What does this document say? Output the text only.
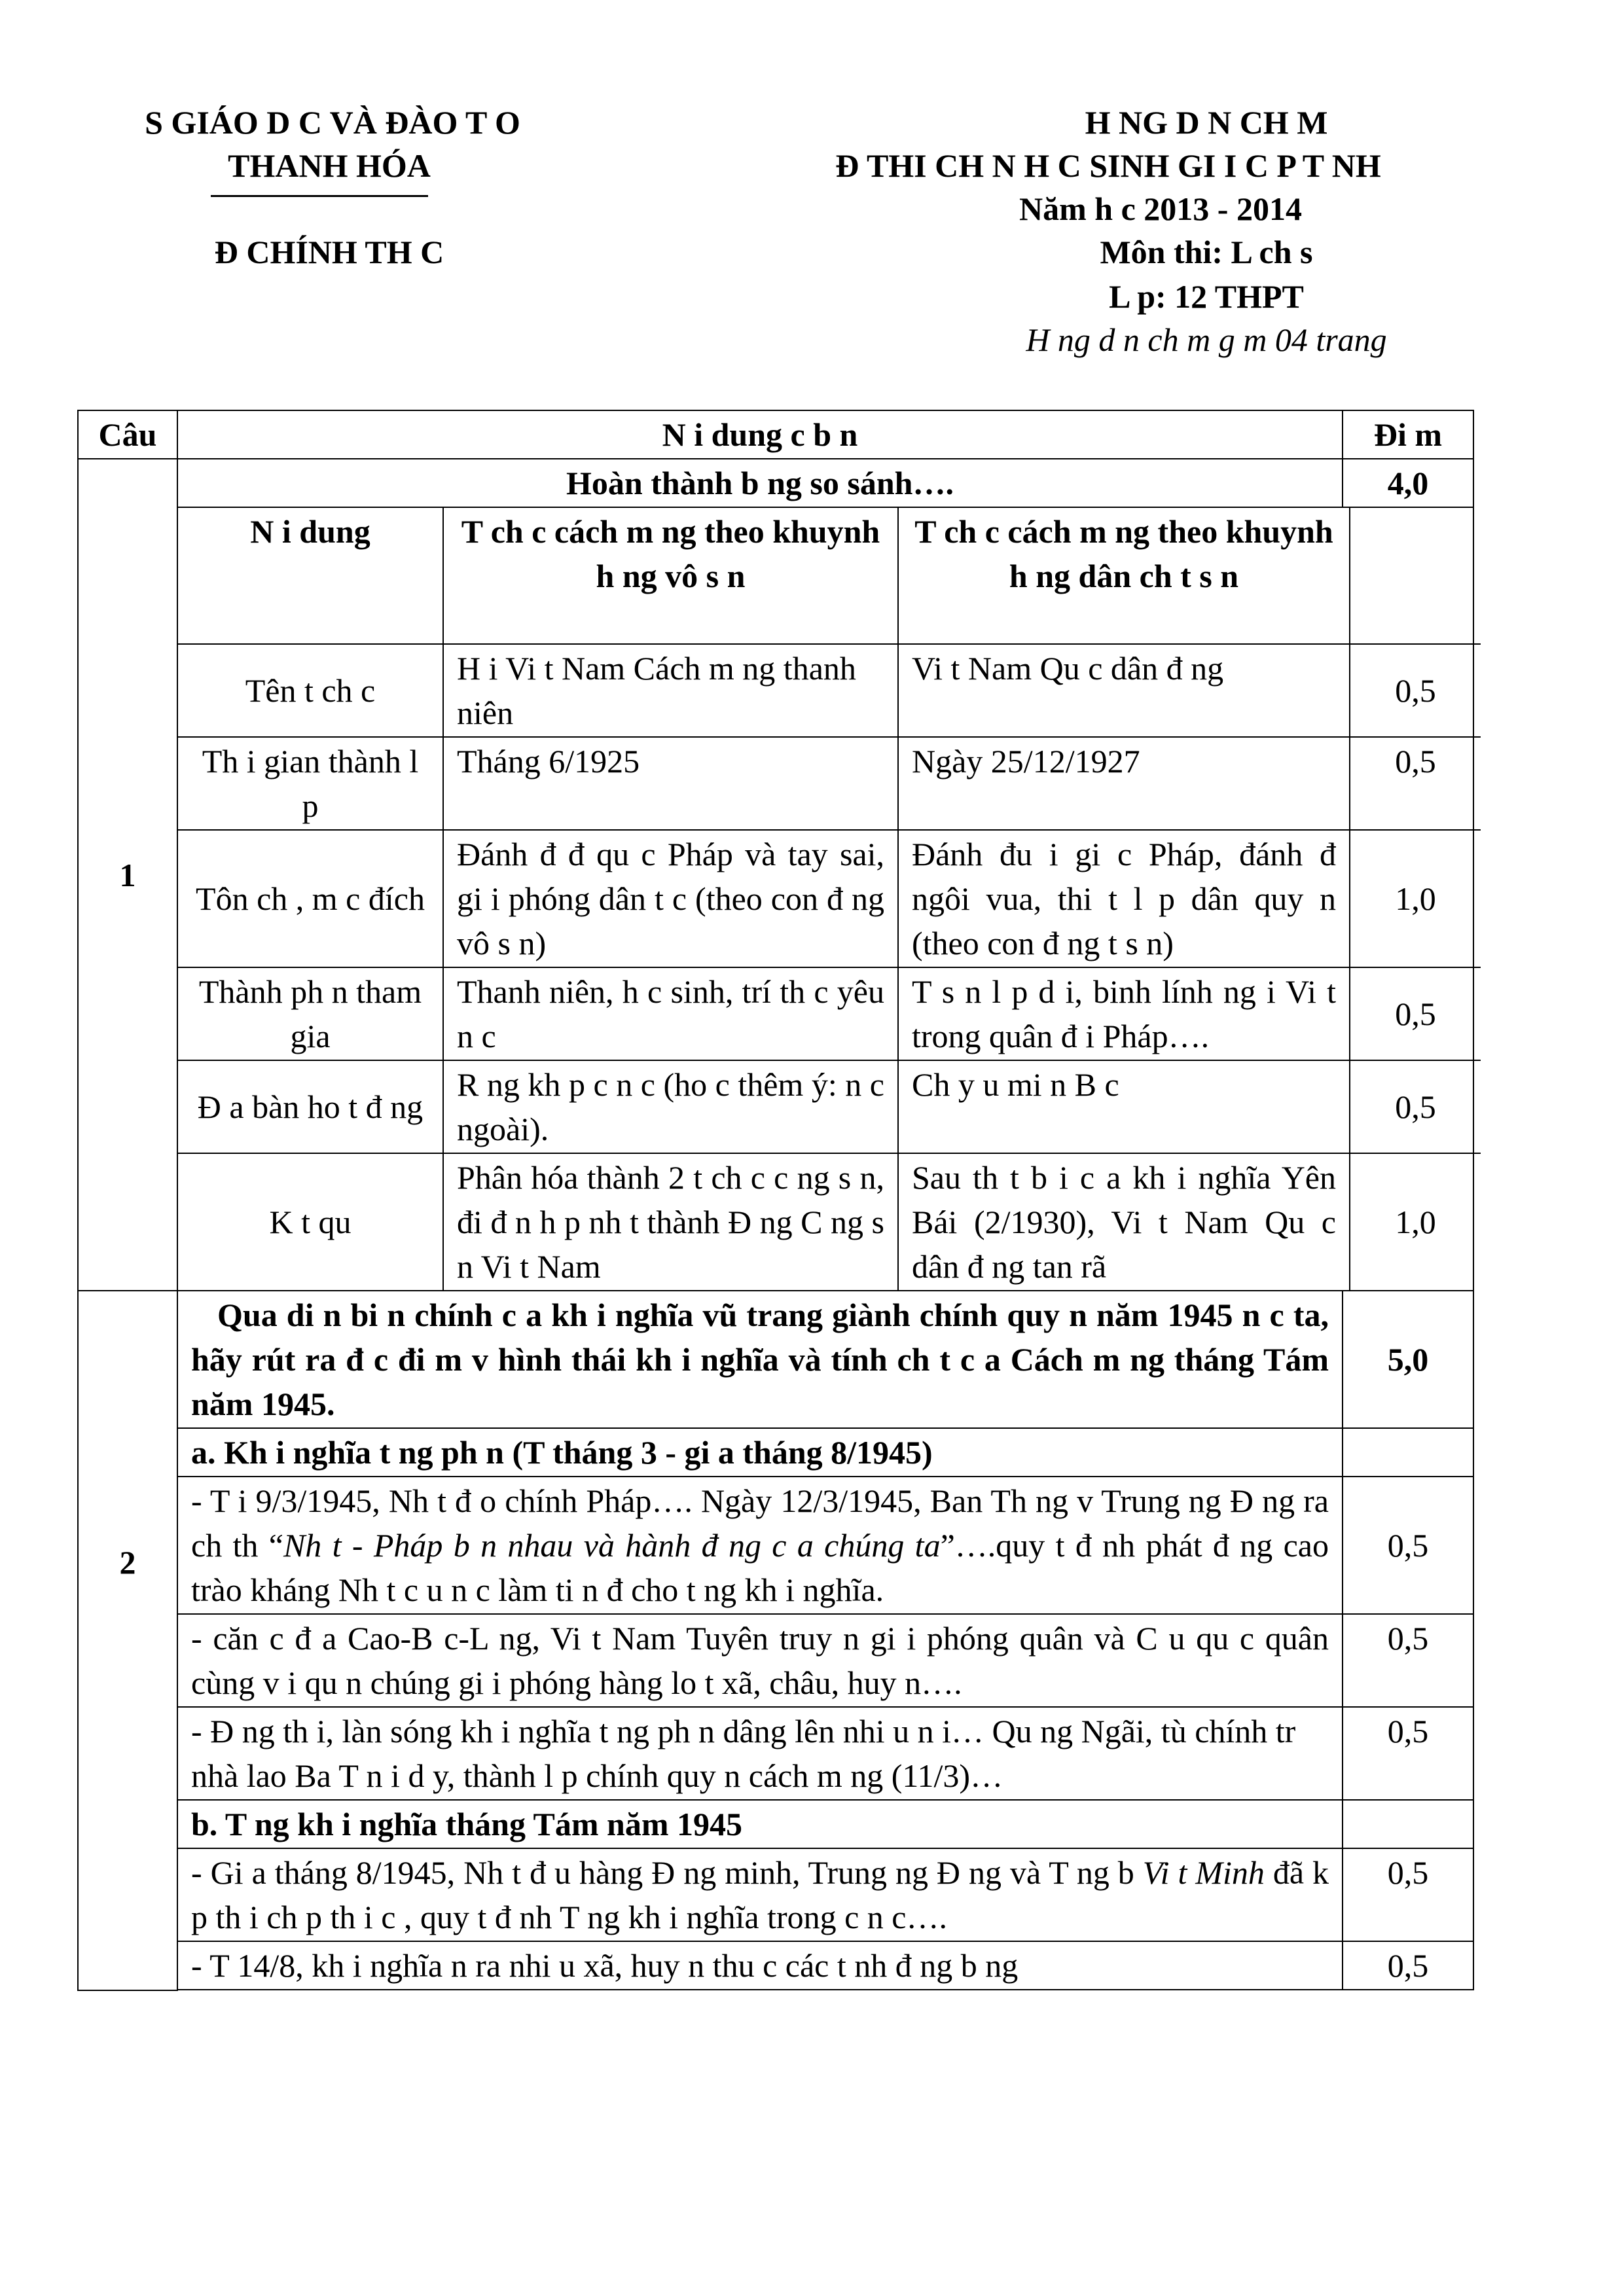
S GIÁO D C VÀ ĐÀO T O
THANH HÓA
Đ CHÍNH TH C
H NG D N CH M
Đ THI CH N H C SINH GI I C P T NH
Năm h c 2013 - 2014
Môn thi: L ch s
L p: 12 THPT
H ng d n ch m g m 04 trang
Câu	N i dung c b n	Đi m
1	Hoàn thành b ng so sánh….	4,0

N i dung	T ch c cách m ng theo khuynh h ng vô s n	T ch c cách m ng theo khuynh h ng dân ch t s n	
Tên t ch c	H i Vi t Nam Cách m ng thanh niên	Vi t Nam Qu c dân đ ng	0,5
Th i gian thành l p	Tháng 6/1925	Ngày 25/12/1927	0,5
Tôn ch , m c đích	Đánh đ đ qu c Pháp và tay sai, gi i phóng dân t c (theo con đ ng vô s n)	Đánh đu i gi c Pháp, đánh đ ngôi vua, thi t l p dân quy n (theo con đ ng t s n)	1,0
Thành ph n tham gia	Thanh niên, h c sinh, trí th c yêu n c	T s n l p d i, binh lính ng i Vi t trong quân đ i Pháp….	0,5
Đ a bàn ho t đ ng	R ng kh p c n c (ho c thêm ý: n c ngoài).	Ch y u mi n B c	0,5
K t qu	Phân hóa thành 2 t ch c c ng s n, đi đ n h p nh t thành Đ ng C ng s n Vi t Nam	Sau th t b i c a kh i nghĩa Yên Bái (2/1930), Vi t Nam Qu c dân đ ng tan rã	1,0

2	Qua di n bi n chính c a kh i nghĩa vũ trang giành chính quy n năm 1945 n c ta, hãy rút ra đ c đi m v hình thái kh i nghĩa và tính ch t c a Cách m ng tháng Tám năm 1945.	5,0
a. Kh i nghĩa t ng ph n (T tháng 3 - gi a tháng 8/1945)	
- T i 9/3/1945, Nh t đ o chính Pháp…. Ngày 12/3/1945, Ban Th ng v Trung ng Đ ng ra ch th “Nh t - Pháp b n nhau và hành đ ng c a chúng ta”….quy t đ nh phát đ ng cao trào kháng Nh t c u n c làm ti n đ cho t ng kh i nghĩa.	0,5
- căn c đ a Cao-B c-L ng, Vi t Nam Tuyên truy n gi i phóng quân và C u qu c quân cùng v i qu n chúng gi i phóng hàng lo t xã, châu, huy n….	0,5
- Đ ng th i, làn sóng kh i nghĩa t ng ph n dâng lên nhi u n i… Qu ng Ngãi, tù chính tr nhà lao Ba T n i d y, thành l p chính quy n cách m ng (11/3)…	0,5
b. T ng kh i nghĩa tháng Tám năm 1945	
- Gi a tháng 8/1945, Nh t đ u hàng Đ ng minh, Trung ng Đ ng và T ng b Vi t Minh đã k p th i ch p th i c , quy t đ nh T ng kh i nghĩa trong c n c….	0,5
- T 14/8, kh i nghĩa n ra nhi u xã, huy n thu c các t nh đ ng b ng	0,5
